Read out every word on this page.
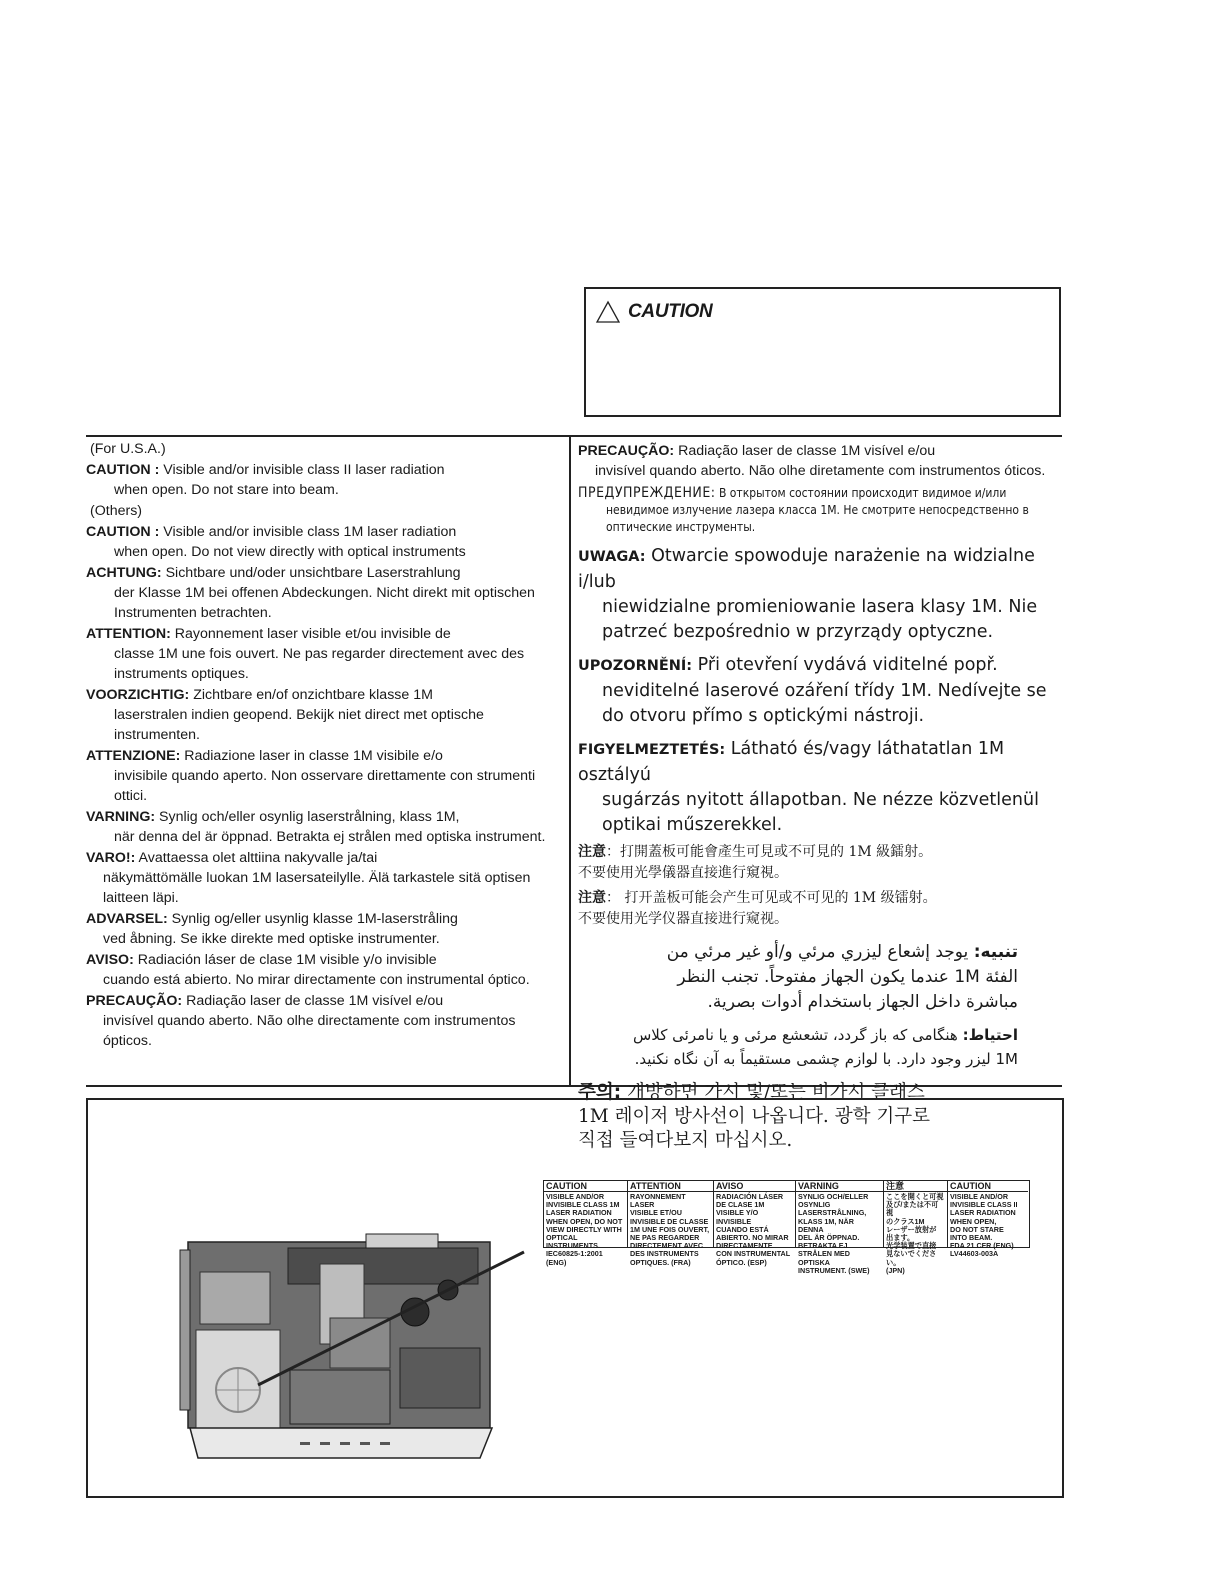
CAUTION
(For U.S.A.)
CAUTION : Visible and/or invisible class II laser radiation
when open. Do not stare into beam.
(Others)
CAUTION : Visible and/or invisible class 1M laser radiation
when open. Do not view directly with optical instruments
ACHTUNG: Sichtbare und/oder unsichtbare Laserstrahlung
der Klasse 1M bei offenen Abdeckungen. Nicht direkt mit optischen Instrumenten betrachten.
ATTENTION: Rayonnement laser visible et/ou invisible de
classe 1M une fois ouvert. Ne pas regarder directement avec des instruments optiques.
VOORZICHTIG: Zichtbare en/of onzichtbare klasse 1M
laserstralen indien geopend. Bekijk niet direct met optische instrumenten.
ATTENZIONE: Radiazione laser in classe 1M visibile e/o
invisibile quando aperto. Non osservare direttamente con strumenti ottici.
VARNING: Synlig och/eller osynlig laserstrålning, klass 1M,
när denna del är öppnad. Betrakta ej strålen med optiska instrument.
VARO!: Avattaessa olet alttiina nakyvalle ja/tai
näkymättömälle luokan 1M lasersateilylle. Älä tarkastele sitä optisen laitteen läpi.
ADVARSEL: Synlig og/eller usynlig klasse 1M-laserstråling
ved åbning. Se ikke direkte med optiske instrumenter.
AVISO: Radiación láser de clase 1M visible y/o invisible
cuando está abierto. No mirar directamente con instrumental óptico.
PRECAUÇÃO: Radiação laser de classe 1M visível e/ou
invisível quando aberto. Não olhe directamente com instrumentos ópticos.
PRECAUÇÃO: Radiação laser de classe 1M visível e/ou
invisível quando aberto. Não olhe diretamente com instrumentos óticos.
ПРЕДУПРЕЖДЕНИЕ: В открытом состоянии происходит видимое и/или
невидимое излучение лазера класса 1M. Не смотрите непосредственно в оптические инструменты.
UWAGA: Otwarcie spowoduje narażenie na widzialne i/lub
niewidzialne promieniowanie lasera klasy 1M. Nie patrzeć bezpośrednio w przyrządy optyczne.
UPOZORNĚNÍ: Při otevření vydává viditelné popř.
neviditelné laserové ozáření třídy 1M. Nedívejte se do otvoru přímo s optickými nástroji.
FIGYELMEZTETÉS: Látható és/vagy láthatatlan 1M osztályú
sugárzás nyitott állapotban. Ne nézze közvetlenül optikai műszerekkel.
注意：打開蓋板可能會產生可見或不可見的 1M 級鐳射。
不要使用光學儀器直接進行窺視。
注意： 打开盖板可能会产生可见或不可见的 1M 级镭射。
不要使用光学仪器直接进行窥视。
تنبيه: يوجد إشعاع ليزري مرئي و/أو غير مرئي من
الفئة 1M عندما يكون الجهاز مفتوحاً. تجنب النظر
مباشرة داخل الجهاز باستخدام أدوات بصرية.
احتیاط: هنگامی که باز گردد، تشعشع مرئی و یا نامرئی کلاس
1M لیزر وجود دارد. با لوازم چشمی مستقیماً به آن نگاه نکنید.
주의: 개방하면 가시 및/또는 비가시 클래스
1M 레이저 방사선이 나옵니다. 광학 기구로
직접 들여다보지 마십시오.
CAUTION
VISIBLE AND/OR
INVISIBLE CLASS 1M
LASER RADIATION
WHEN OPEN, DO NOT
VIEW DIRECTLY WITH
OPTICAL INSTRUMENTS.
IEC60825-1:2001
(ENG)
ATTENTION
RAYONNEMENT LASER
VISIBLE ET/OU
INVISIBLE DE CLASSE
1M UNE FOIS OUVERT,
NE PAS REGARDER
DIRECTEMENT AVEC
DES INSTRUMENTS
OPTIQUES. (FRA)
AVISO
RADIACIÓN LÁSER
DE CLASE 1M
VISIBLE Y/O INVISIBLE
CUANDO ESTÁ
ABIERTO. NO MIRAR
DIRECTAMENTE
CON INSTRUMENTAL
ÓPTICO. (ESP)
VARNING
SYNLIG OCH/ELLER
OSYNLIG
LASERSTRÅLNING,
KLASS 1M, NÄR DENNA
DEL ÄR ÖPPNAD.
BETRAKTA EJ
STRÅLEN MED OPTISKA
INSTRUMENT. (SWE)
注意
ここを開くと可視
及び/または不可視
のクラス1M
レーザー放射が
出ます。
光学装置で直接
見ないでください。
(JPN)
CAUTION
VISIBLE AND/OR
INVISIBLE CLASS II
LASER RADIATION
WHEN OPEN,
DO NOT STARE
INTO BEAM.
FDA 21 CFR (ENG)
LV44603-003A
